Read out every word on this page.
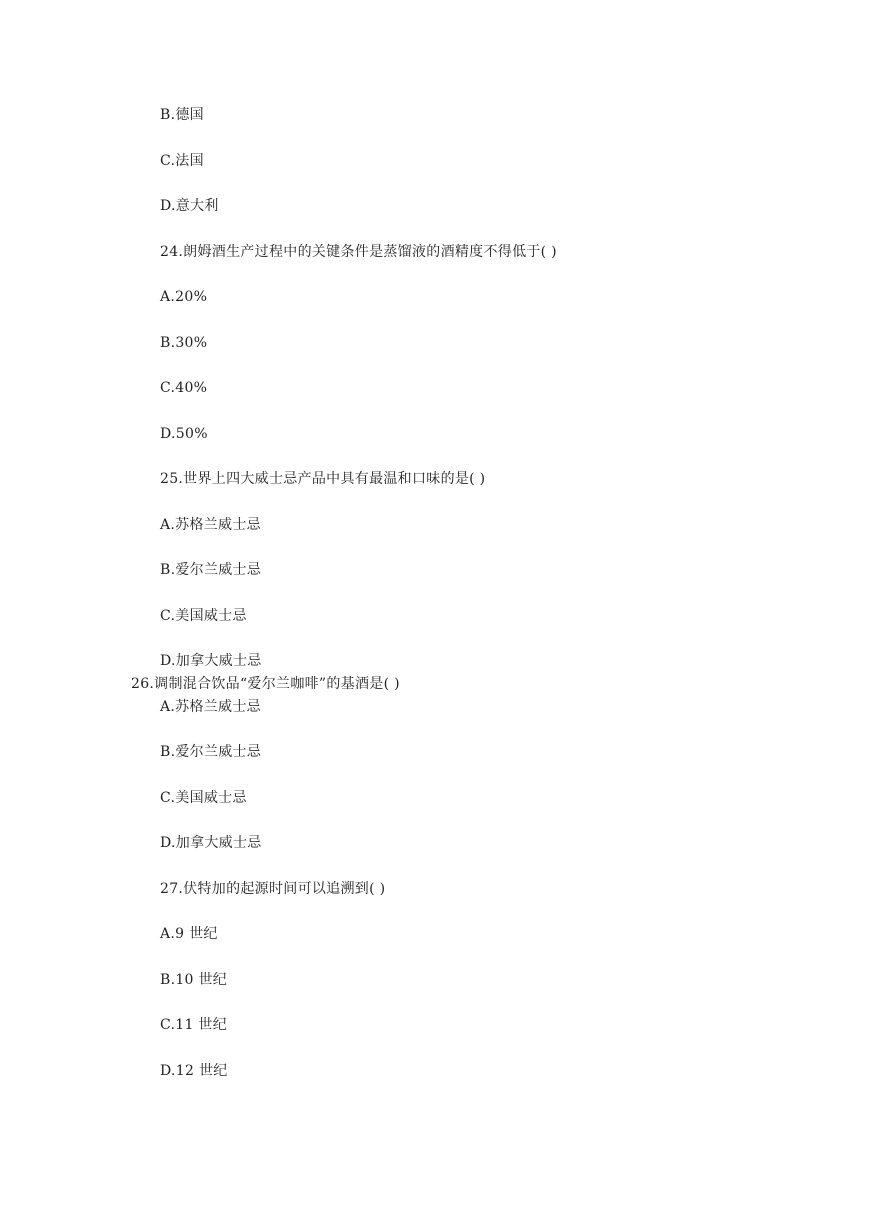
B.德国
C.法国
D.意大利
24.朗姆酒生产过程中的关键条件是蒸馏液的酒精度不得低于( )
A.20%
B.30%
C.40%
D.50%
25.世界上四大威士忌产品中具有最温和口味的是( )
A.苏格兰威士忌
B.爱尔兰威士忌
C.美国威士忌
D.加拿大威士忌
26.调制混合饮品“爱尔兰咖啡”的基酒是( )
A.苏格兰威士忌
B.爱尔兰威士忌
C.美国威士忌
D.加拿大威士忌
27.伏特加的起源时间可以追溯到( )
A.9 世纪
B.10 世纪
C.11 世纪
D.12 世纪
